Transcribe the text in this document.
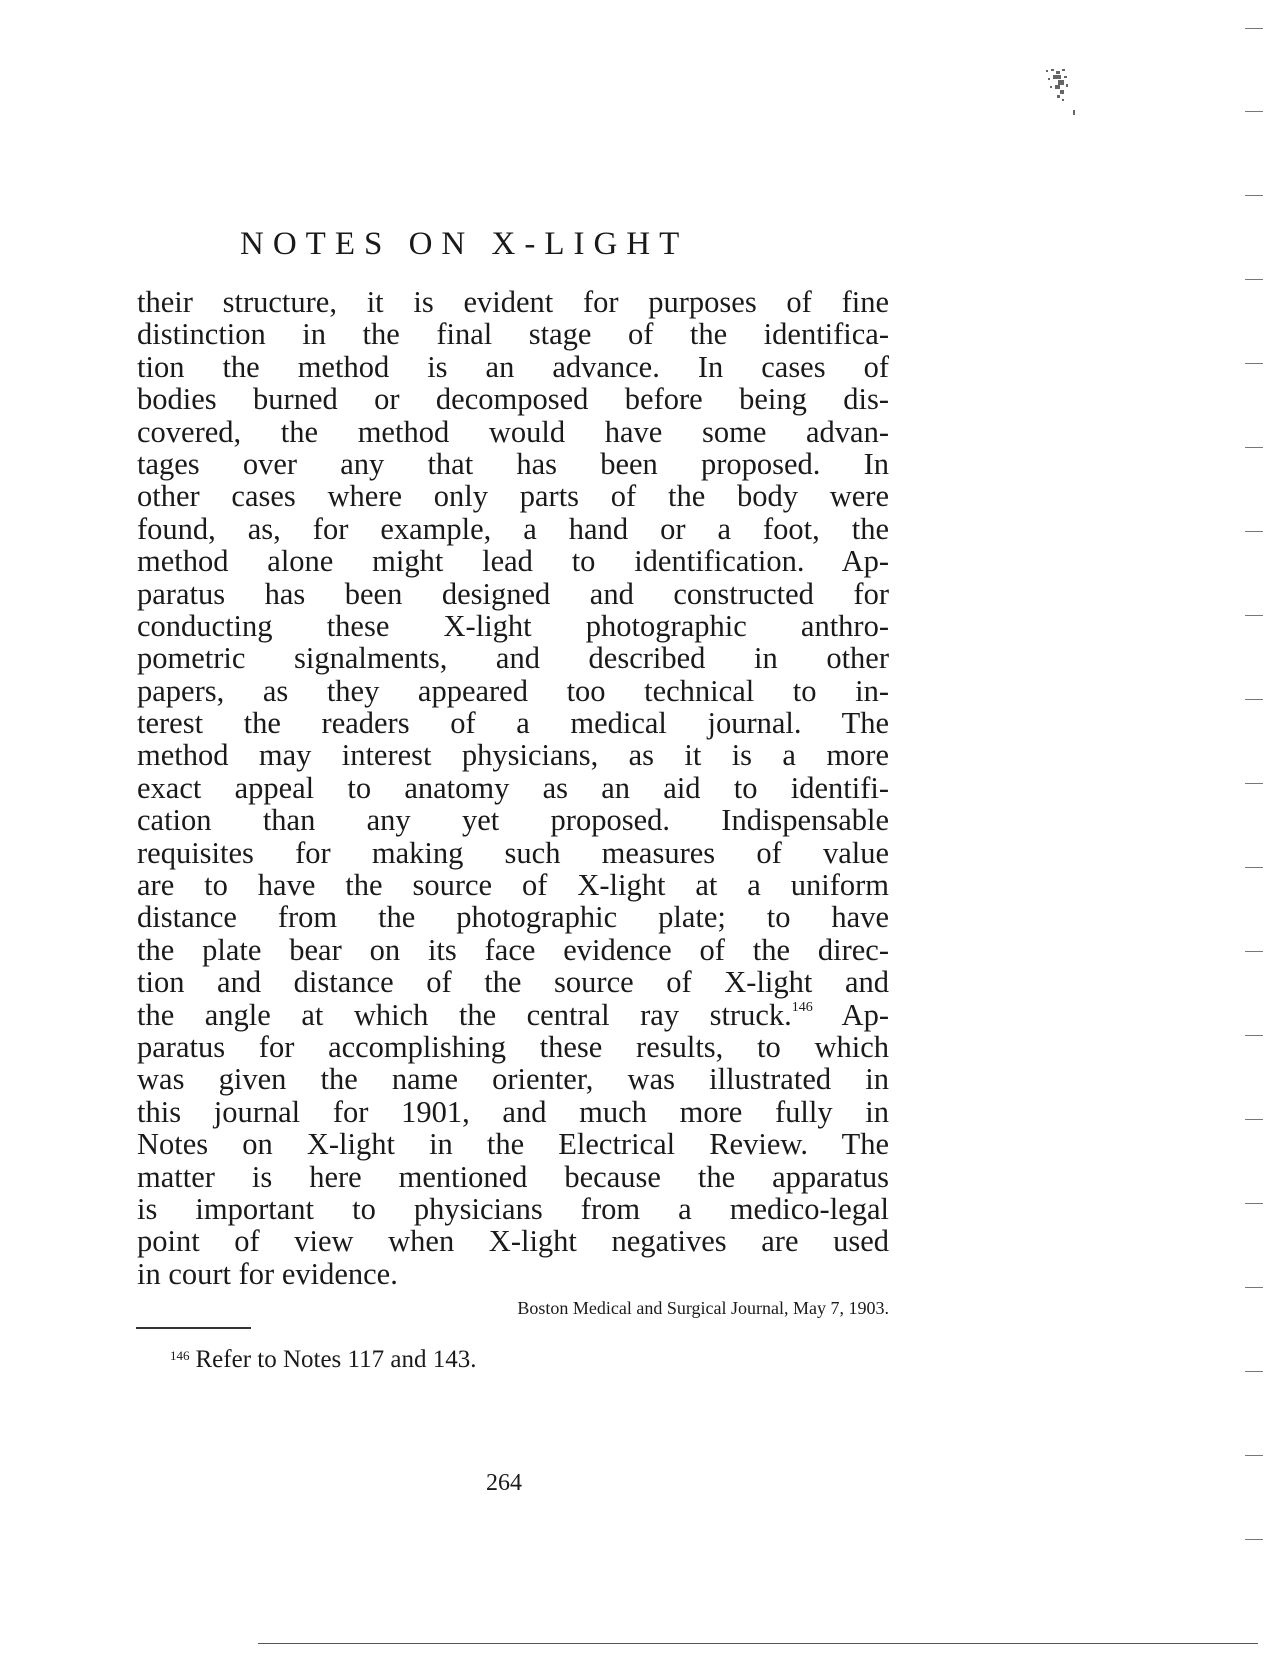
NOTES ON X-LIGHT
their structure, it is evident for purposes of fine
distinction in the final stage of the identifica-
tion the method is an advance. In cases of
bodies burned or decomposed before being dis-
covered, the method would have some advan-
tages over any that has been proposed. In
other cases where only parts of the body were
found, as, for example, a hand or a foot, the
method alone might lead to identification. Ap-
paratus has been designed and constructed for
conducting these X-light photographic anthro-
pometric signalments, and described in other
papers, as they appeared too technical to in-
terest the readers of a medical journal. The
method may interest physicians, as it is a more
exact appeal to anatomy as an aid to identifi-
cation than any yet proposed. Indispensable
requisites for making such measures of value
are to have the source of X-light at a uniform
distance from the photographic plate; to have
the plate bear on its face evidence of the direc-
tion and distance of the source of X-light and
the angle at which the central ray struck.$^{146}$ Ap-
paratus for accomplishing these results, to which
was given the name orienter, was illustrated in
this journal for 1901, and much more fully in
Notes on X-light in the Electrical Review. The
matter is here mentioned because the apparatus
is important to physicians from a medico-legal
point of view when X-light negatives are used
in court for evidence.
Boston Medical and Surgical Journal, May 7, 1903.
$^{146}$ Refer to Notes 117 and 143.
264
